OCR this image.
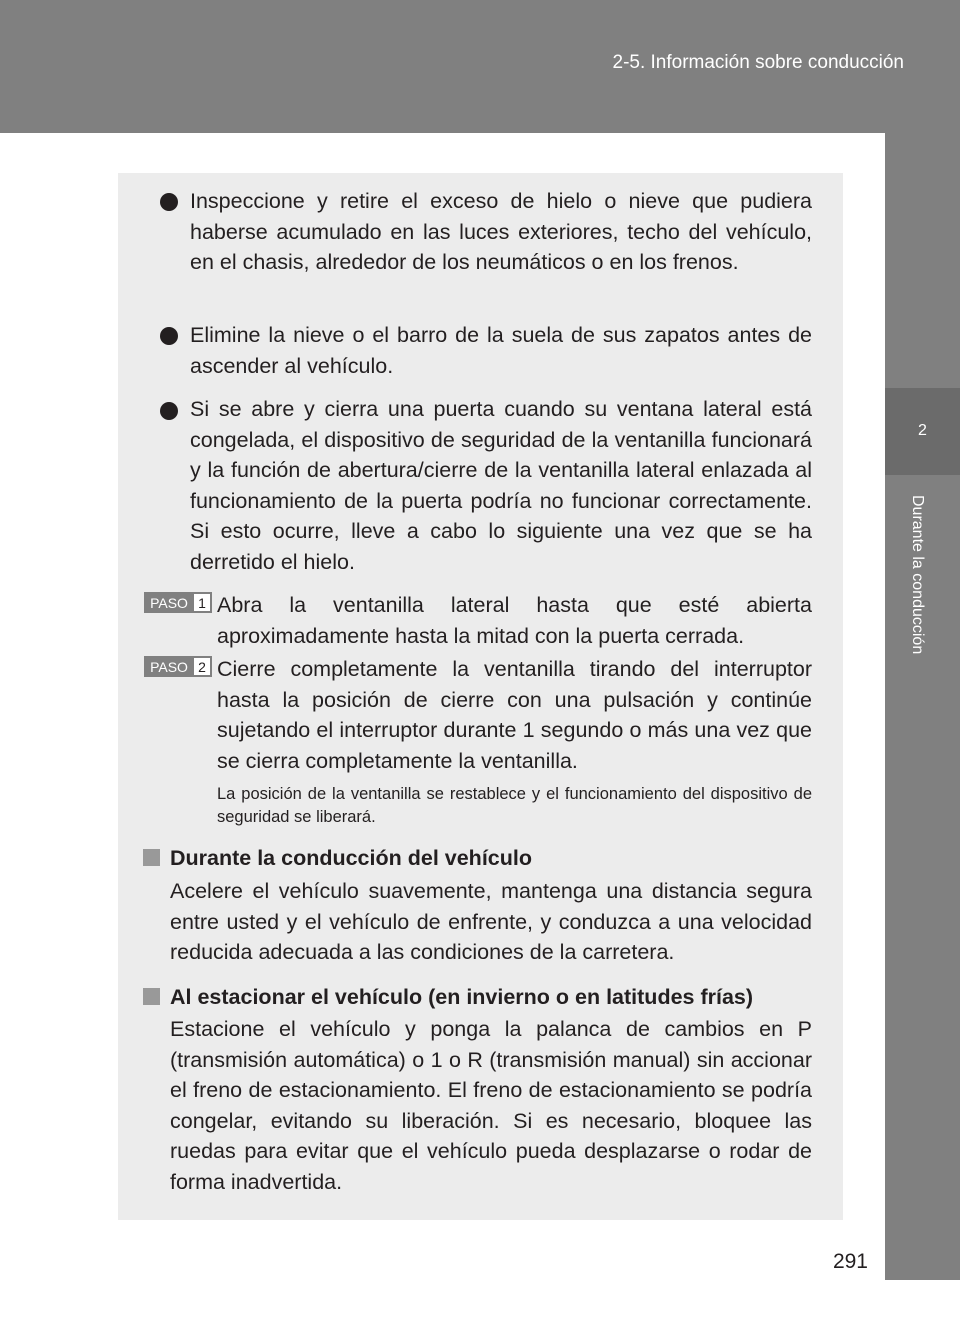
2-5. Información sobre conducción
2
Durante la conducción
Inspeccione y retire el exceso de hielo o nieve que pudiera haberse acumulado en las luces exteriores, techo del vehículo, en el chasis, alrededor de los neumáticos o en los frenos.
Elimine la nieve o el barro de la suela de sus zapatos antes de ascender al vehículo.
Si se abre y cierra una puerta cuando su ventana lateral está congelada, el dispositivo de seguridad de la ventanilla funcionará y la función de abertura/cierre de la ventanilla lateral enlazada al funcionamiento de la puerta podría no funcionar correctamente. Si esto ocurre, lleve a cabo lo siguiente una vez que se ha derretido el hielo.
PASO 1 Abra la ventanilla lateral hasta que esté abierta aproximadamente hasta la mitad con la puerta cerrada.
PASO 2 Cierre completamente la ventanilla tirando del interruptor hasta la posición de cierre con una pulsación y continúe sujetando el interruptor durante 1 segundo o más una vez que se cierra completamente la ventanilla.
La posición de la ventanilla se restablece y el funcionamiento del dispositivo de seguridad se liberará.
Durante la conducción del vehículo
Acelere el vehículo suavemente, mantenga una distancia segura entre usted y el vehículo de enfrente, y conduzca a una velocidad reducida adecuada a las condiciones de la carretera.
Al estacionar el vehículo (en invierno o en latitudes frías)
Estacione el vehículo y ponga la palanca de cambios en P (transmisión automática) o 1 o R (transmisión manual) sin accionar el freno de estacionamiento. El freno de estacionamiento se podría congelar, evitando su liberación. Si es necesario, bloquee las ruedas para evitar que el vehículo pueda desplazarse o rodar de forma inadvertida.
291
